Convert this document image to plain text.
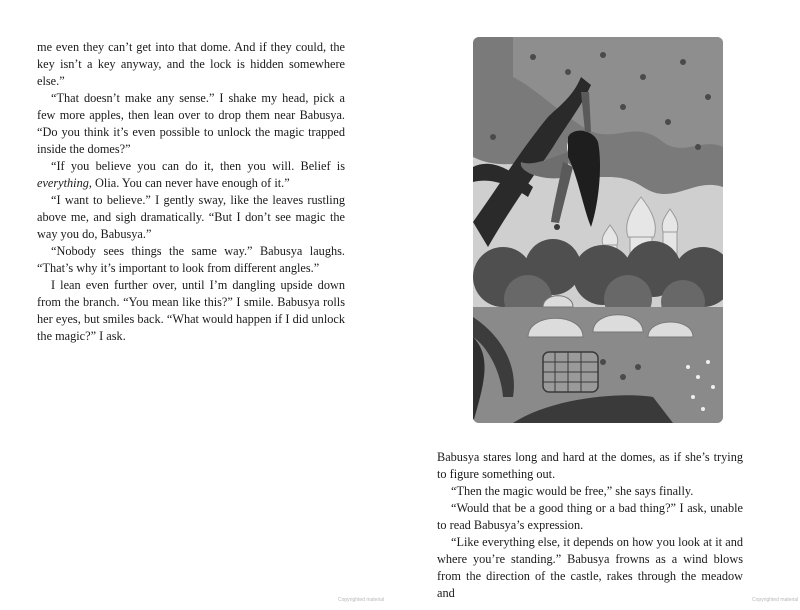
me even they can’t get into that dome. And if they could, the key isn’t a key anyway, and the lock is hidden somewhere else.”

“That doesn’t make any sense.” I shake my head, pick a few more apples, then lean over to drop them near Babusya. “Do you think it’s even possible to unlock the magic trapped inside the domes?”

“If you believe you can do it, then you will. Belief is everything, Olia. You can never have enough of it.”

“I want to believe.” I gently sway, like the leaves rustling above me, and sigh dramatically. “But I don’t see magic the way you do, Babusya.”

“Nobody sees things the same way.” Babusya laughs. “That’s why it’s important to look from different angles.”

I lean even further over, until I’m dangling upside down from the branch. “You mean like this?” I smile. Babusya rolls her eyes, but smiles back. “What would happen if I did unlock the magic?” I ask.

Copyrighted material

Babusya stares long and hard at the domes, as if she’s trying to figure something out.

“Then the magic would be free,” she says finally.

“Would that be a good thing or a bad thing?” I ask, unable to read Babusya’s expression.

“Like everything else, it depends on how you look at it and where you’re standing.” Babusya frowns as a wind blows from the direction of the castle, rakes through the meadow and	Copyrighted material
